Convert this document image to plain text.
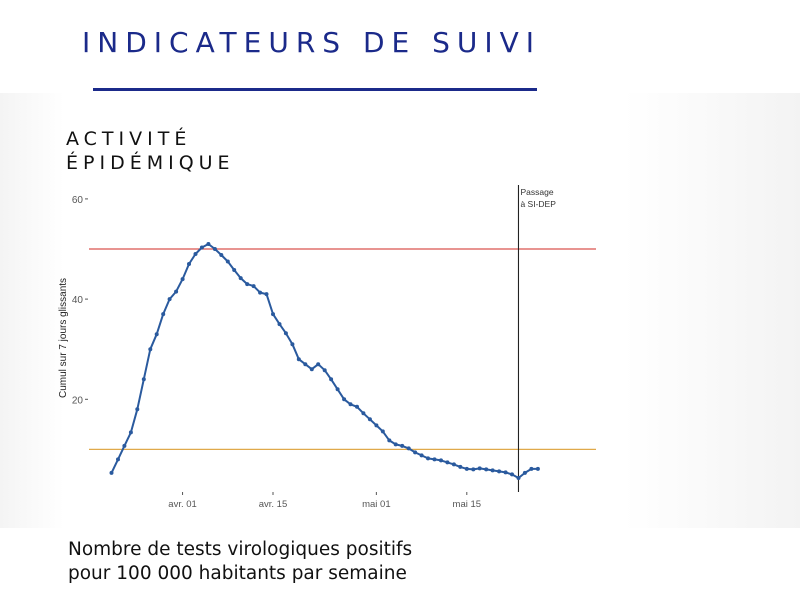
INDICATEURS DE SUIVI
ACTIVITÉ
ÉPIDÉMIQUE
20
40
60
Cumul sur 7 jours glissants
avr. 01	avr. 15	mai 01	mai 15
Passage
à SI-DEP
Nombre de tests virologiques positifs
pour 100 000 habitants par semaine
